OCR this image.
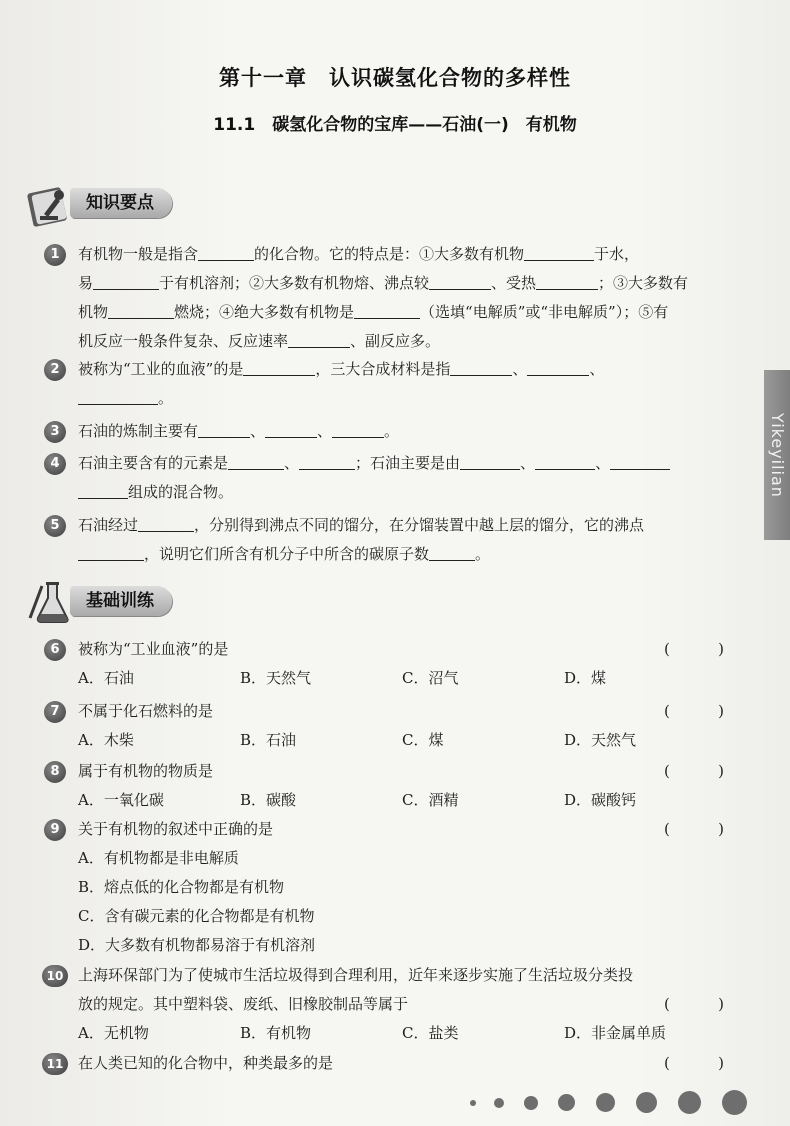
第十一章　认识碳氢化合物的多样性
11.1　碳氢化合物的宝库——石油(一)　有机物
知识要点
1	有机物一般是指含	的化合物。它的特点是：①大多数有机物	于水，
易	于有机溶剂；②大多数有机物熔、沸点较	、受热	；③大多数有
机物	燃烧；④绝大多数有机物是	（选填“电解质”或“非电解质”）；⑤有
机反应一般条件复杂、反应速率	、副反应多。
2	被称为“工业的血液”的是	，三大合成材料是指	、	、
。
3	石油的炼制主要有	、	、	。
4	石油主要含有的元素是	、	；石油主要是由	、	、
组成的混合物。
5	石油经过	，分别得到沸点不同的馏分，在分馏装置中越上层的馏分，它的沸点
，说明它们所含有机分子中所含的碳原子数	。
基础训练
6	被称为“工业血液”的是	(	)
A．石油	B．天然气	C．沼气	D．煤
7	不属于化石燃料的是	(	)
A．木柴	B．石油	C．煤	D．天然气
8	属于有机物的物质是	(	)
A．一氧化碳	B．碳酸	C．酒精	D．碳酸钙
9	关于有机物的叙述中正确的是	(	)
A．有机物都是非电解质
B．熔点低的化合物都是有机物
C．含有碳元素的化合物都是有机物
D．大多数有机物都易溶于有机溶剂
10 上海环保部门为了使城市生活垃圾得到合理利用，近年来逐步实施了生活垃圾分类投
放的规定。其中塑料袋、废纸、旧橡胶制品等属于	(	)
A．无机物	B．有机物	C．盐类	D．非金属单质
11 在人类已知的化合物中，种类最多的是	(	)
Yikeyilian
